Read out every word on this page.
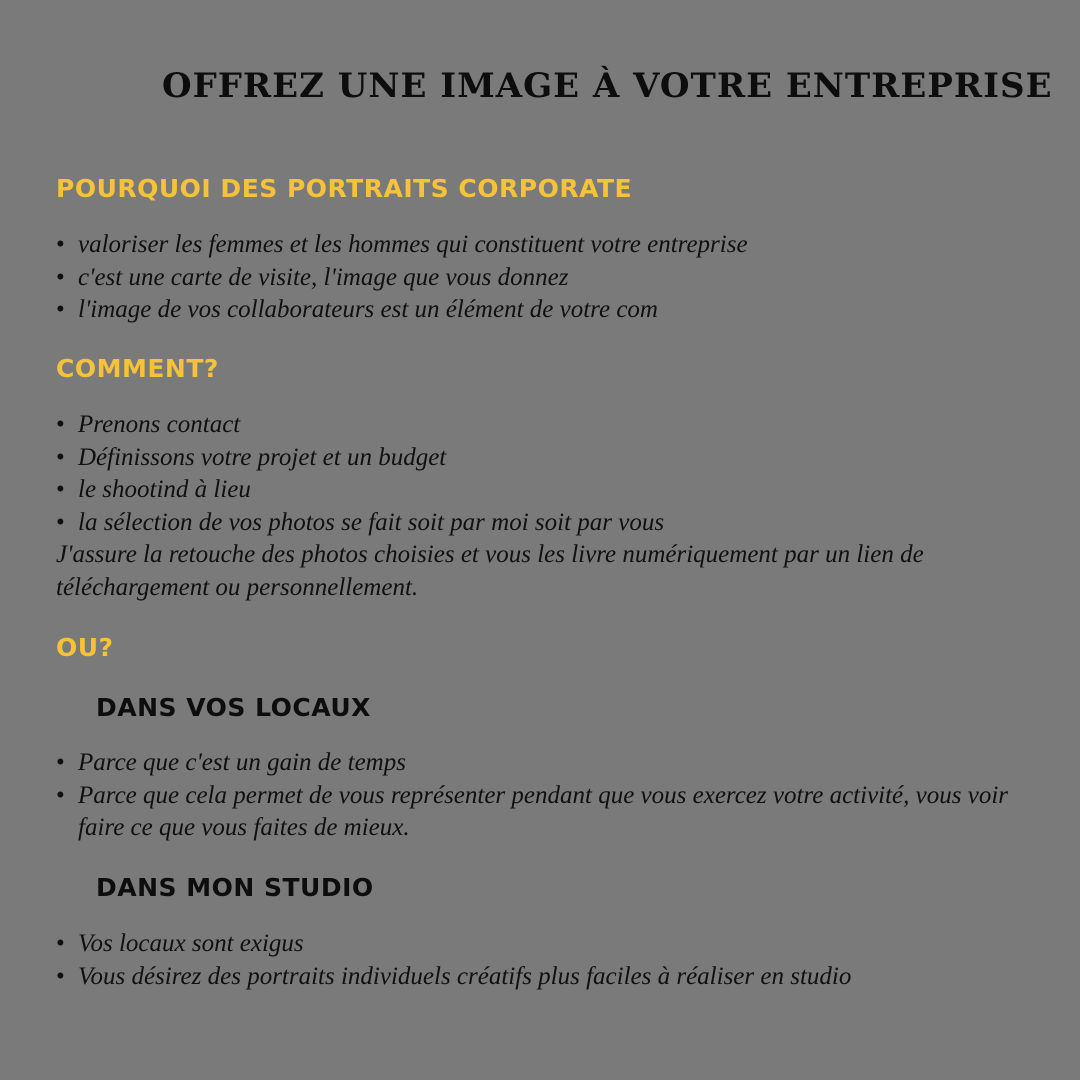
OFFREZ UNE IMAGE À VOTRE ENTREPRISE
POURQUOI DES PORTRAITS CORPORATE
• valoriser les femmes et les hommes qui constituent votre entreprise
• c'est une carte de visite, l'image que vous donnez
• l'image de vos collaborateurs est un élément de votre com
COMMENT?
• Prenons contact
• Définissons votre projet et un budget
• le shootind à lieu
• la sélection de vos photos se fait soit par moi soit par vous

J'assure la retouche des photos choisies et vous les livre numériquement par un lien de téléchargement ou personnellement.

OU?
DANS VOS LOCAUX
• Parce que c'est un gain de temps
• Parce que cela permet de vous représenter pendant que vous exercez votre activité, vous voir faire ce que vous faites de mieux.
DANS MON STUDIO
• Vos locaux sont exigus
• Vous désirez des portraits individuels créatifs plus faciles à réaliser en studio
